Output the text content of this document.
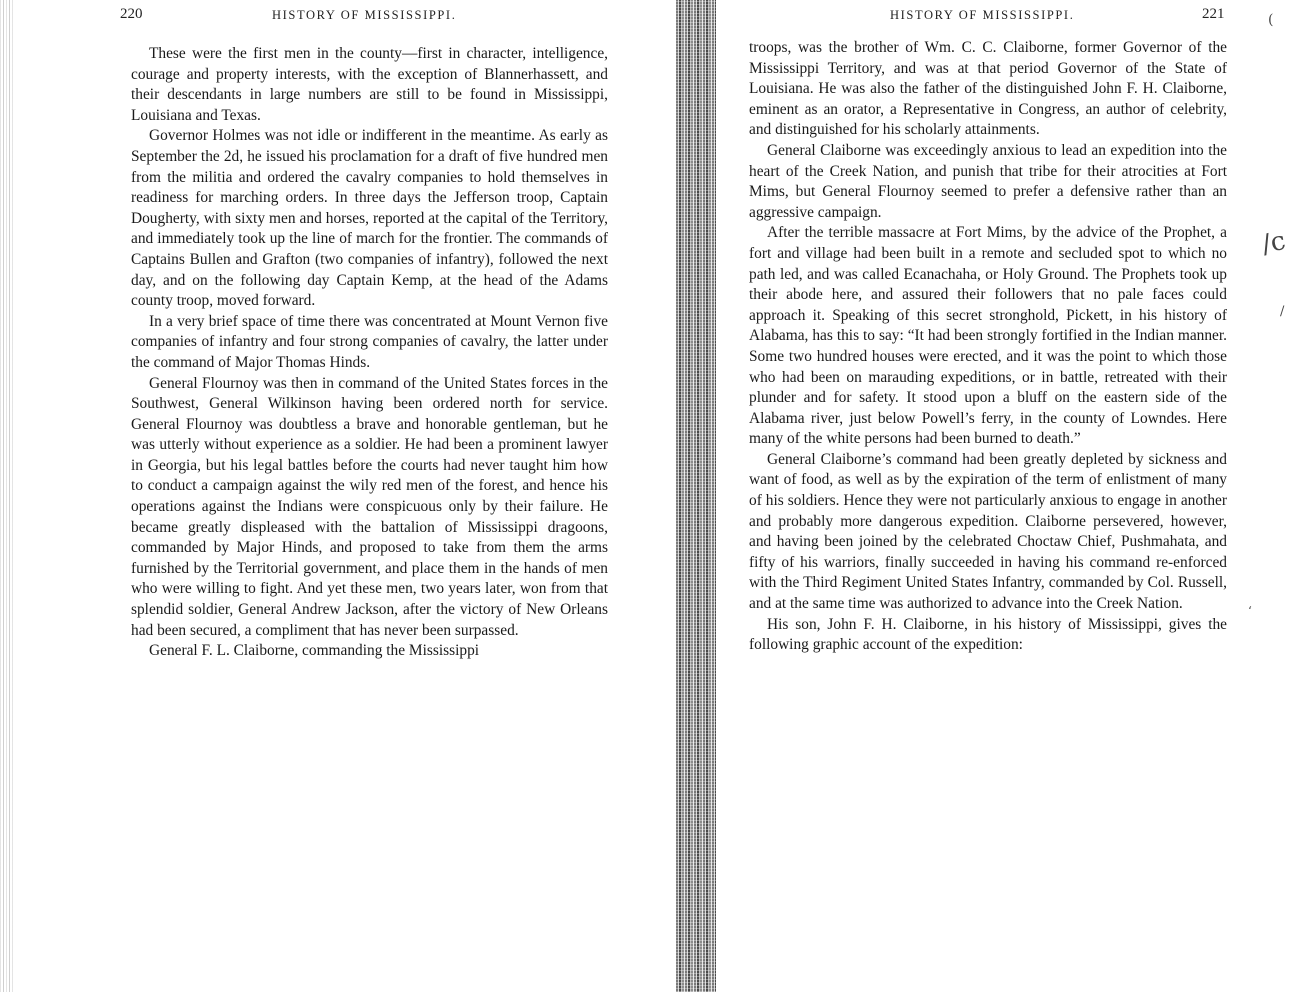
220	HISTORY OF MISSISSIPPI.

These were the first men in the county—first in character, intelligence, courage and property interests, with the exception of Blannerhassett, and their descendants in large numbers are still to be found in Mississippi, Louisiana and Texas.

Governor Holmes was not idle or indifferent in the meantime. As early as September the 2d, he issued his proclamation for a draft of five hundred men from the militia and ordered the cavalry companies to hold themselves in readiness for marching orders. In three days the Jefferson troop, Captain Dougherty, with sixty men and horses, reported at the capital of the Territory, and immediately took up the line of march for the frontier. The commands of Captains Bullen and Grafton (two companies of infantry), followed the next day, and on the following day Captain Kemp, at the head of the Adams county troop, moved forward.

In a very brief space of time there was concentrated at Mount Vernon five companies of infantry and four strong companies of cavalry, the latter under the command of Major Thomas Hinds.

General Flournoy was then in command of the United States forces in the Southwest, General Wilkinson having been ordered north for service. General Flournoy was doubtless a brave and honorable gentleman, but he was utterly without experience as a soldier. He had been a prominent lawyer in Georgia, but his legal battles before the courts had never taught him how to conduct a campaign against the wily red men of the forest, and hence his operations against the Indians were conspicuous only by their failure. He became greatly displeased with the battalion of Mississippi dragoons, commanded by Major Hinds, and proposed to take from them the arms furnished by the Territorial government, and place them in the hands of men who were willing to fight. And yet these men, two years later, won from that splendid soldier, General Andrew Jackson, after the victory of New Orleans had been secured, a compliment that has never been surpassed.

General F. L. Claiborne, commanding the Mississippi

HISTORY OF MISSISSIPPI.	221

troops, was the brother of Wm. C. C. Claiborne, former Governor of the Mississippi Territory, and was at that period Governor of the State of Louisiana. He was also the father of the distinguished John F. H. Claiborne, eminent as an orator, a Representative in Congress, an author of celebrity, and distinguished for his scholarly attainments.

General Claiborne was exceedingly anxious to lead an expedition into the heart of the Creek Nation, and punish that tribe for their atrocities at Fort Mims, but General Flournoy seemed to prefer a defensive rather than an aggressive campaign.

After the terrible massacre at Fort Mims, by the advice of the Prophet, a fort and village had been built in a remote and secluded spot to which no path led, and was called Ecanachaha, or Holy Ground. The Prophets took up their abode here, and assured their followers that no pale faces could approach it. Speaking of this secret stronghold, Pickett, in his history of Alabama, has this to say: “It had been strongly fortified in the Indian manner. Some two hundred houses were erected, and it was the point to which those who had been on marauding expeditions, or in battle, retreated with their plunder and for safety. It stood upon a bluff on the eastern side of the Alabama river, just below Powell’s ferry, in the county of Lowndes. Here many of the white persons had been burned to death.”

General Claiborne’s command had been greatly depleted by sickness and want of food, as well as by the expiration of the term of enlistment of many of his soldiers. Hence they were not particularly anxious to engage in another and probably more dangerous expedition. Claiborne persevered, however, and having been joined by the celebrated Choctaw Chief, Pushmahata, and fifty of his warriors, finally succeeded in having his command re-enforced with the Third Regiment United States Infantry, commanded by Col. Russell, and at the same time was authorized to advance into the Creek Nation.

His son, John F. H. Claiborne, in his history of Mississippi, gives the following graphic account of the expedition:

(
/c
/
‘
